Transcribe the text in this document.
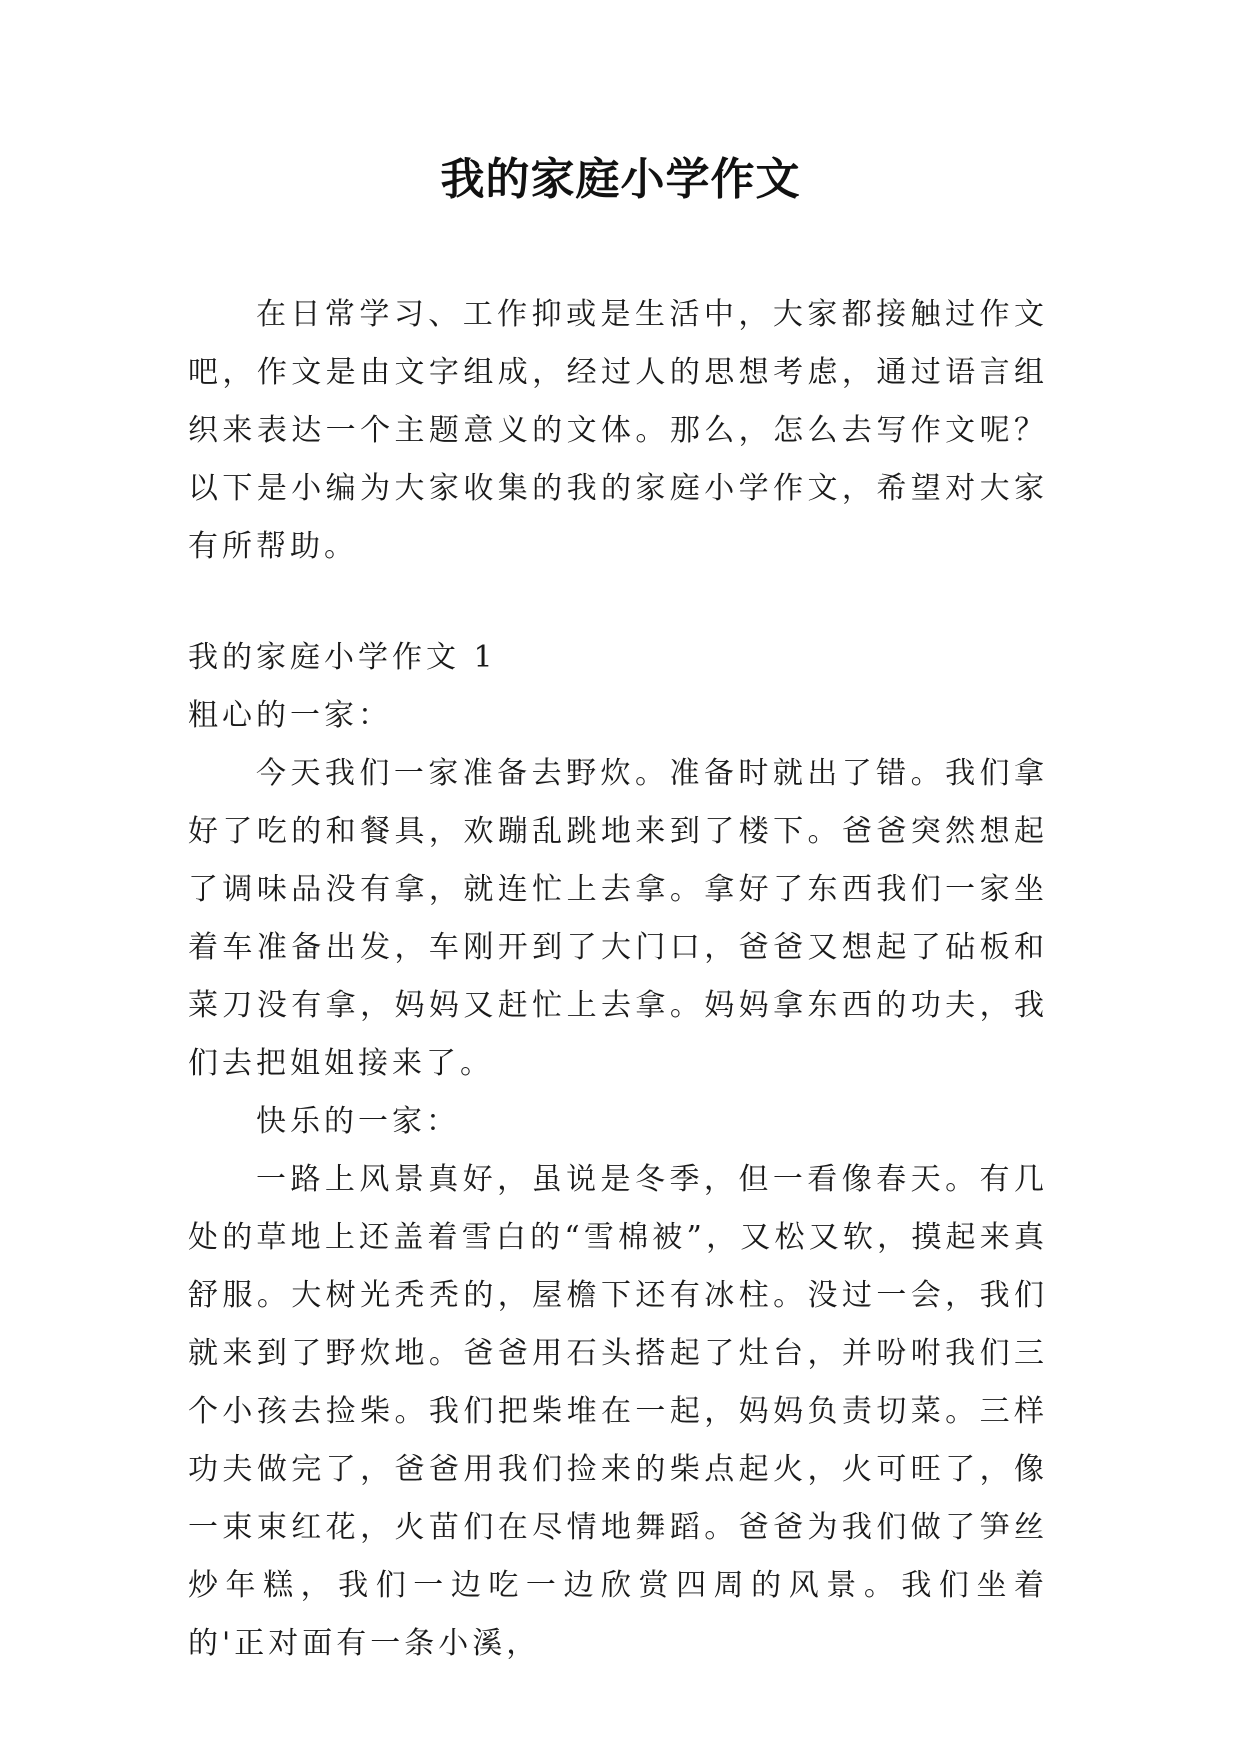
我的家庭小学作文

在日常学习、工作抑或是生活中，大家都接触过作文吧，作文是由文字组成，经过人的思想考虑，通过语言组织来表达一个主题意义的文体。那么，怎么去写作文呢？以下是小编为大家收集的我的家庭小学作文，希望对大家有所帮助。

我的家庭小学作文 1

粗心的一家：

今天我们一家准备去野炊。准备时就出了错。我们拿好了吃的和餐具，欢蹦乱跳地来到了楼下。爸爸突然想起了调味品没有拿，就连忙上去拿。拿好了东西我们一家坐着车准备出发，车刚开到了大门口，爸爸又想起了砧板和菜刀没有拿，妈妈又赶忙上去拿。妈妈拿东西的功夫，我们去把姐姐接来了。

快乐的一家：

一路上风景真好，虽说是冬季，但一看像春天。有几处的草地上还盖着雪白的“雪棉被”，又松又软，摸起来真舒服。大树光秃秃的，屋檐下还有冰柱。没过一会，我们就来到了野炊地。爸爸用石头搭起了灶台，并吩咐我们三个小孩去捡柴。我们把柴堆在一起，妈妈负责切菜。三样功夫做完了，爸爸用我们捡来的柴点起火，火可旺了，像一束束红花，火苗们在尽情地舞蹈。爸爸为我们做了笋丝炒年糕，我们一边吃一边欣赏四周的风景。我们坐着的'正对面有一条小溪，
